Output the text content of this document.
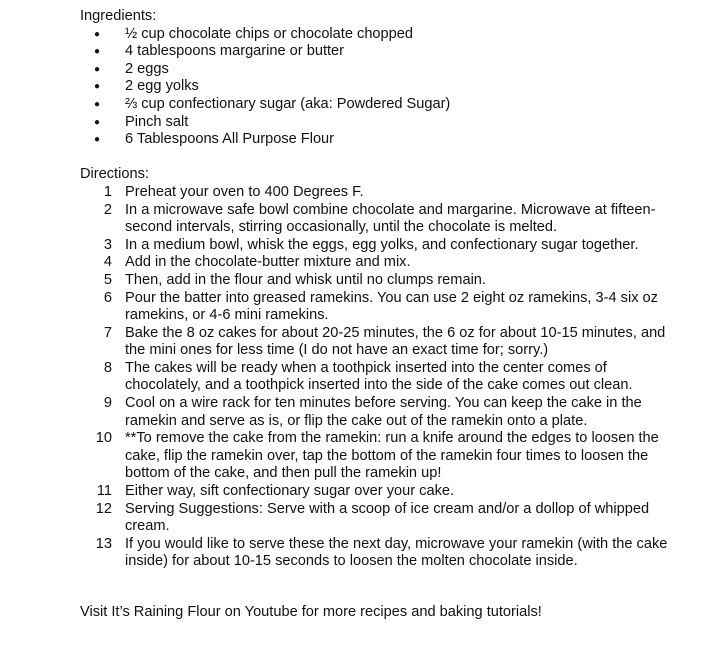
Ingredients:
● ½ cup chocolate chips or chocolate chopped
● 4 tablespoons margarine or butter
● 2 eggs
● 2 egg yolks
● ⅔ cup confectionary sugar (aka: Powdered Sugar)
● Pinch salt
● 6 Tablespoons All Purpose Flour
Directions:
1 Preheat your oven to 400 Degrees F.
2 In a microwave safe bowl combine chocolate and margarine. Microwave at fifteen-second intervals, stirring occasionally, until the chocolate is melted.
3 In a medium bowl, whisk the eggs, egg yolks, and confectionary sugar together.
4 Add in the chocolate-butter mixture and mix.
5 Then, add in the flour and whisk until no clumps remain.
6 Pour the batter into greased ramekins. You can use 2 eight oz ramekins, 3-4 six oz ramekins, or 4-6 mini ramekins.
7 Bake the 8 oz cakes for about 20-25 minutes, the 6 oz for about 10-15 minutes, and the mini ones for less time (I do not have an exact time for; sorry.)
8 The cakes will be ready when a toothpick inserted into the center comes of chocolately, and a toothpick inserted into the side of the cake comes out clean.
9 Cool on a wire rack for ten minutes before serving. You can keep the cake in the ramekin and serve as is, or flip the cake out of the ramekin onto a plate.
10 **To remove the cake from the ramekin: run a knife around the edges to loosen the cake, flip the ramekin over, tap the bottom of the ramekin four times to loosen the bottom of the cake, and then pull the ramekin up!
11 Either way, sift confectionary sugar over your cake.
12 Serving Suggestions: Serve with a scoop of ice cream and/or a dollop of whipped cream.
13 If you would like to serve these the next day, microwave your ramekin (with the cake inside) for about 10-15 seconds to loosen the molten chocolate inside.
Visit It’s Raining Flour on Youtube for more recipes and baking tutorials!
